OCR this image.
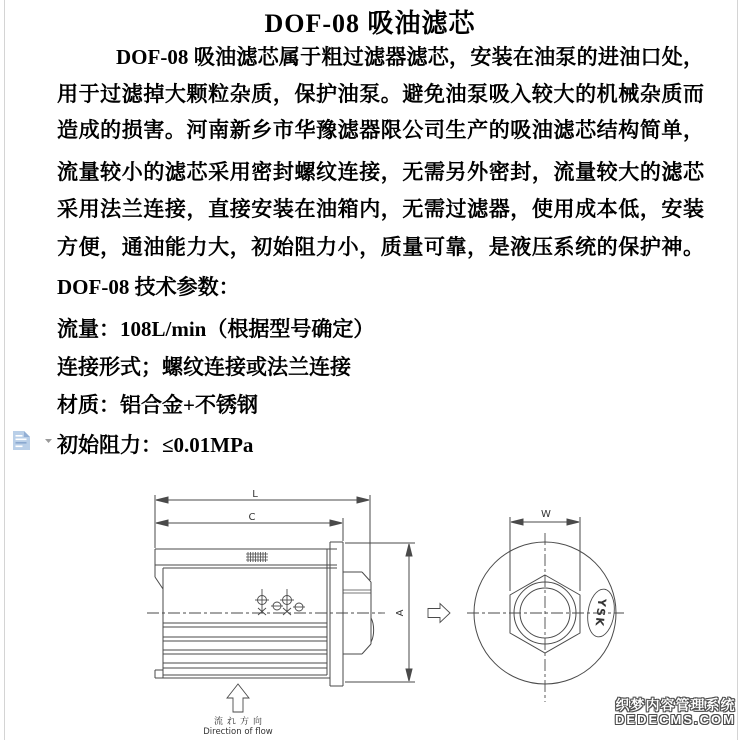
DOF-08 吸油滤芯
DOF-08 吸油滤芯属于粗过滤器滤芯，安装在油泵的进油口处，
用于过滤掉大颗粒杂质，保护油泵。避免油泵吸入较大的机械杂质而
造成的损害。河南新乡市华豫滤器限公司生产的吸油滤芯结构简单，
流量较小的滤芯采用密封螺纹连接，无需另外密封，流量较大的滤芯
采用法兰连接，直接安装在油箱内，无需过滤器，使用成本低，安装
方便，通油能力大，初始阻力小，质量可靠，是液压系统的保护神。
DOF-08 技术参数：
流量：108L/min（根据型号确定）
连接形式；螺纹连接或法兰连接
材质：铝合金+不锈钢
初始阻力：≤0.01MPa
L
C
A
W
YSK
流れ方向
Direction of flow
织梦内容管理系统
DEDECMS.COM
